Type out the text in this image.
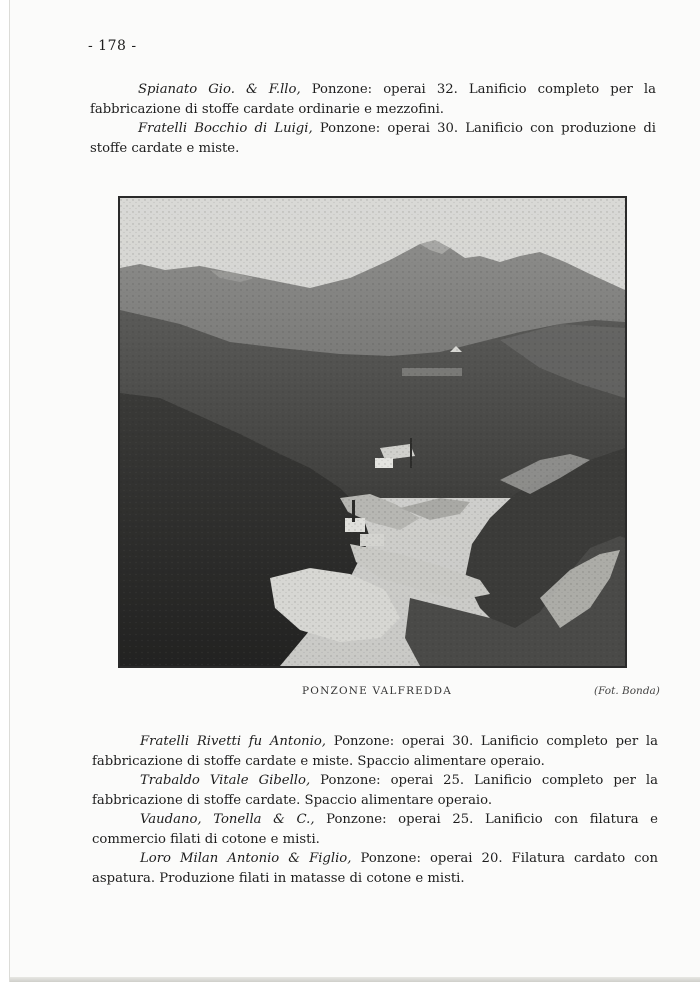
- 178 -

Spianato Gio. & F.llo, Ponzone: operai 32. Lanificio completo per la fabbricazione di stoffe cardate ordinarie e mezzofini.

Fratelli Bocchio di Luigi, Ponzone: operai 30. Lanificio con produzione di stoffe cardate e miste.

PONZONE VALFREDDA	(Fot. Bonda)

Fratelli Rivetti fu Antonio, Ponzone: operai 30. Lanificio completo per la fabbricazione di stoffe cardate e miste. Spaccio alimentare operaio.

Trabaldo Vitale Gibello, Ponzone: operai 25. Lanificio completo per la fabbricazione di stoffe cardate. Spaccio alimentare operaio.

Vaudano, Tonella & C., Ponzone: operai 25. Lanificio con filatura e commercio filati di cotone e misti.

Loro Milan Antonio & Figlio, Ponzone: operai 20. Filatura cardato con aspatura. Produzione filati in matasse di cotone e misti.
